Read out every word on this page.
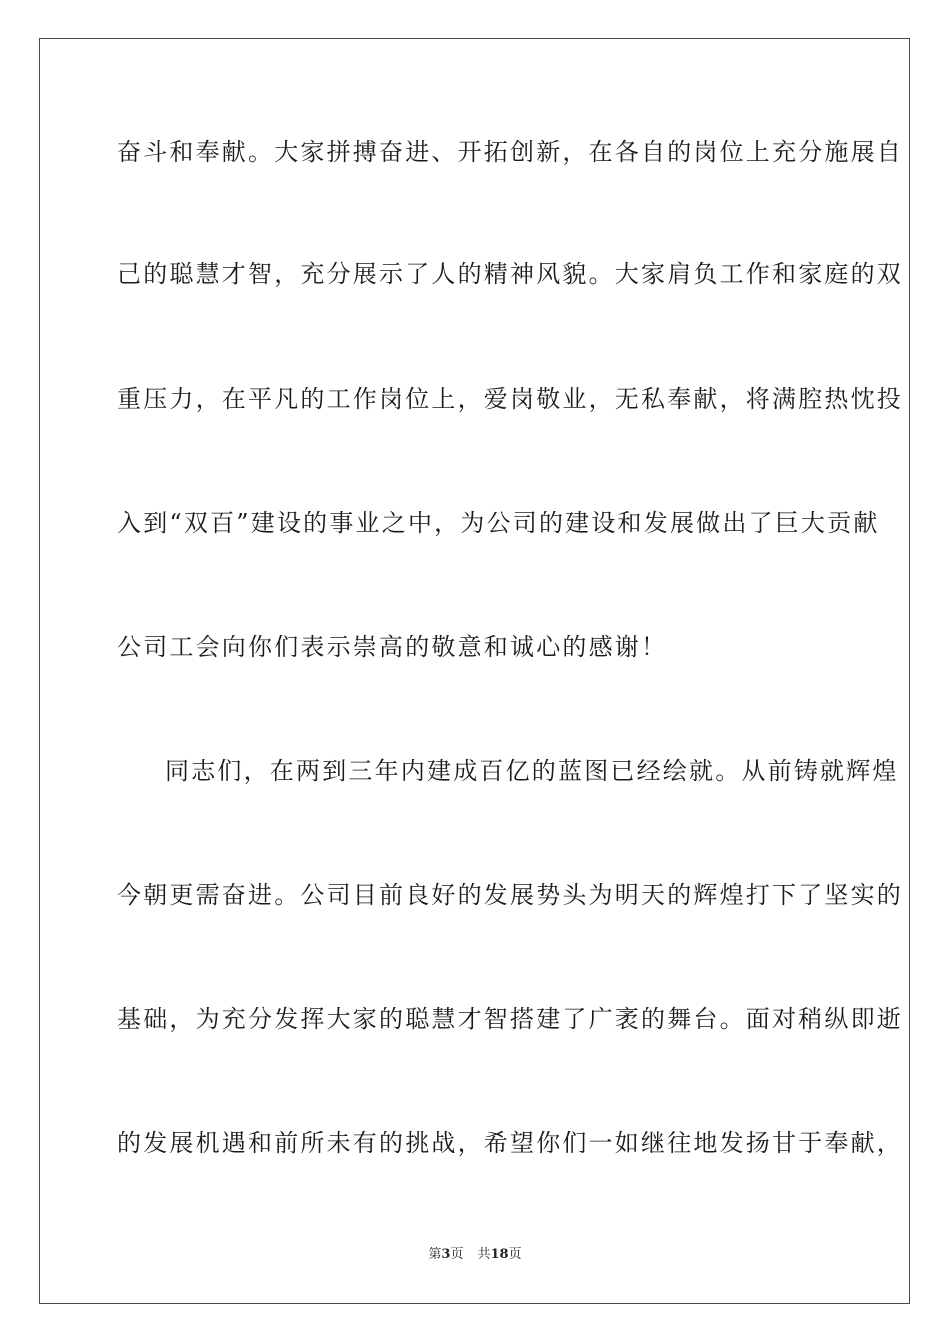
奋斗和奉献。大家拼搏奋进、开拓创新，在各自的岗位上充分施展自
己的聪慧才智，充分展示了人的精神风貌。大家肩负工作和家庭的双
重压力，在平凡的工作岗位上，爱岗敬业，无私奉献，将满腔热忱投
入到“双百”建设的事业之中，为公司的建设和发展做出了巨大贡献
公司工会向你们表示崇高的敬意和诚心的感谢！
同志们，在两到三年内建成百亿的蓝图已经绘就。从前铸就辉煌
今朝更需奋进。公司目前良好的发展势头为明天的辉煌打下了坚实的
基础，为充分发挥大家的聪慧才智搭建了广袤的舞台。面对稍纵即逝
的发展机遇和前所未有的挑战，希望你们一如继往地发扬甘于奉献，
第3页 共18页
